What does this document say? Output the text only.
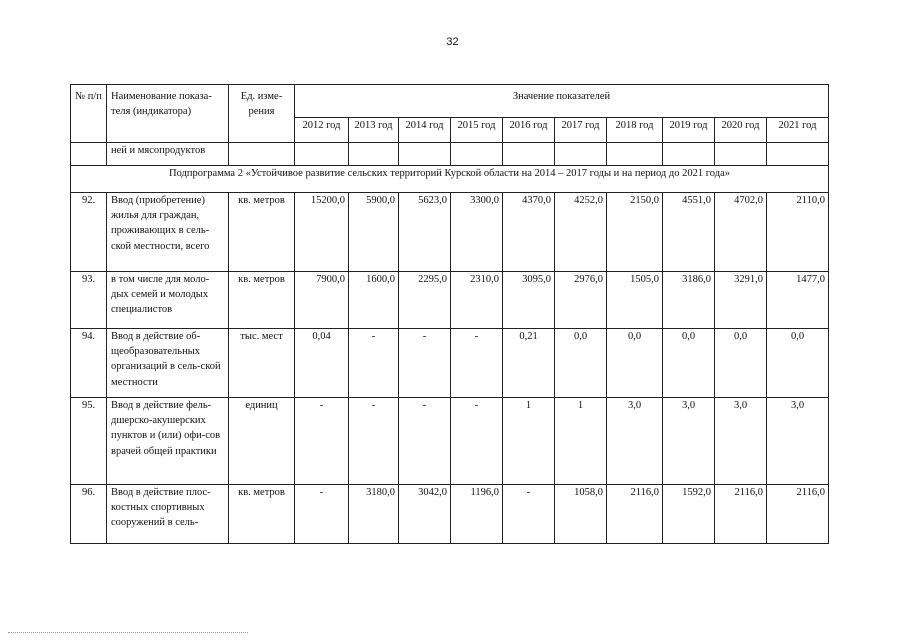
32
№ п/п	Наименование показа-теля (индикатора)	Ед. изме-рения	Значение показателей									
			2012 год	2013 год	2014 год	2015 год	2016 год	2017 год	2018 год	2019 год	2020 год	2021 год
	ней и мясопродуктов											
Подпрограмма 2 «Устойчивое развитие сельских территорий Курской области на 2014 – 2017 годы и на период до 2021 года»												
92.	Ввод (приобретение) жилья для граждан, проживающих в сель-ской местности, всего	кв. метров	15200,0	5900,0	5623,0	3300,0	4370,0	4252,0	2150,0	4551,0	4702,0	2110,0
93.	в том числе для моло-дых семей и молодых специалистов	кв. метров	7900,0	1600,0	2295,0	2310,0	3095,0	2976,0	1505,0	3186,0	3291,0	1477,0
94.	Ввод в действие об-щеобразовательных организаций в сель-ской местности	тыс. мест	0,04	-	-	-	0,21	0,0	0,0	0,0	0,0	0,0
95.	Ввод в действие фель-дшерско-акушерских пунктов и (или) офи-сов врачей общей практики	единиц	-	-	-	-	1	1	3,0	3,0	3,0	3,0
96.	Ввод в действие плос-костных спортивных сооружений в сель-	кв. метров	-	3180,0	3042,0	1196,0	-	1058,0	2116,0	1592,0	2116,0	2116,0
